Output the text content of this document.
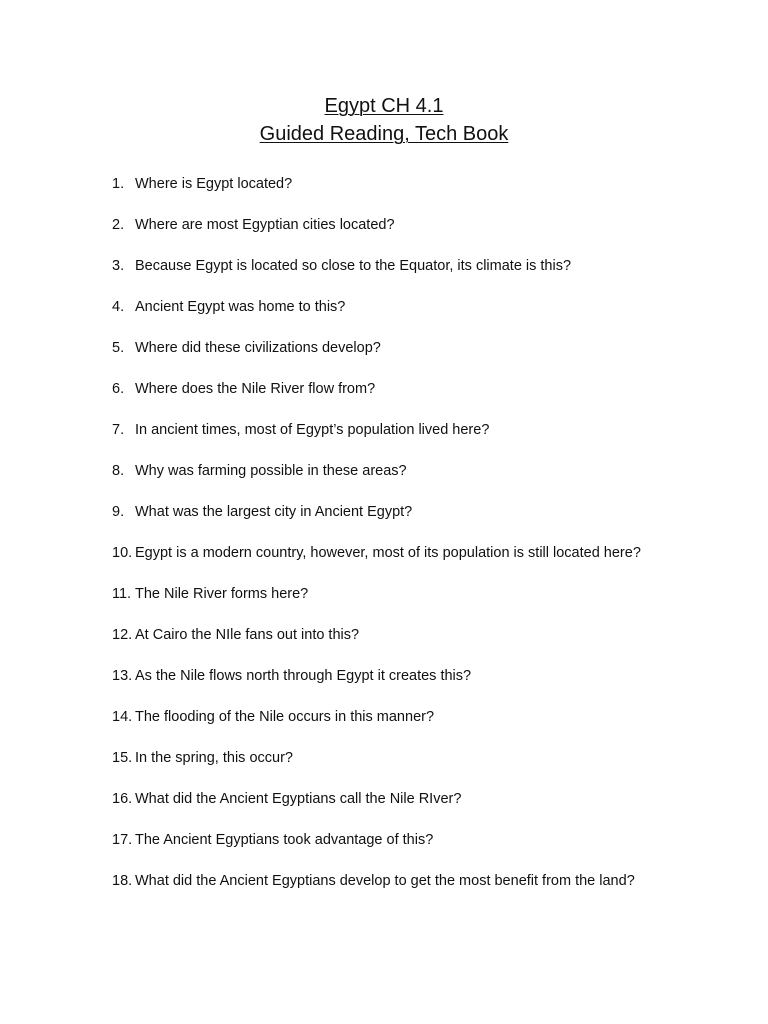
Egypt CH 4.1
Guided Reading, Tech Book
1. Where is Egypt located?
2. Where are most Egyptian cities located?
3. Because Egypt is located so close to the Equator, its climate is this?
4. Ancient Egypt was home to this?
5. Where did these civilizations develop?
6. Where does the Nile River flow from?
7. In ancient times, most of Egypt’s population lived here?
8. Why was farming possible in these areas?
9. What was the largest city in Ancient Egypt?
10. Egypt is a modern country, however, most of its population is still located here?
11. The Nile River forms here?
12. At Cairo the NIle fans out into this?
13. As the Nile flows north through Egypt it creates this?
14. The flooding of the Nile occurs in this manner?
15. In the spring, this occur?
16. What did the Ancient Egyptians call the Nile RIver?
17. The Ancient Egyptians took advantage of this?
18. What did the Ancient Egyptians develop to get the most benefit from the land?
